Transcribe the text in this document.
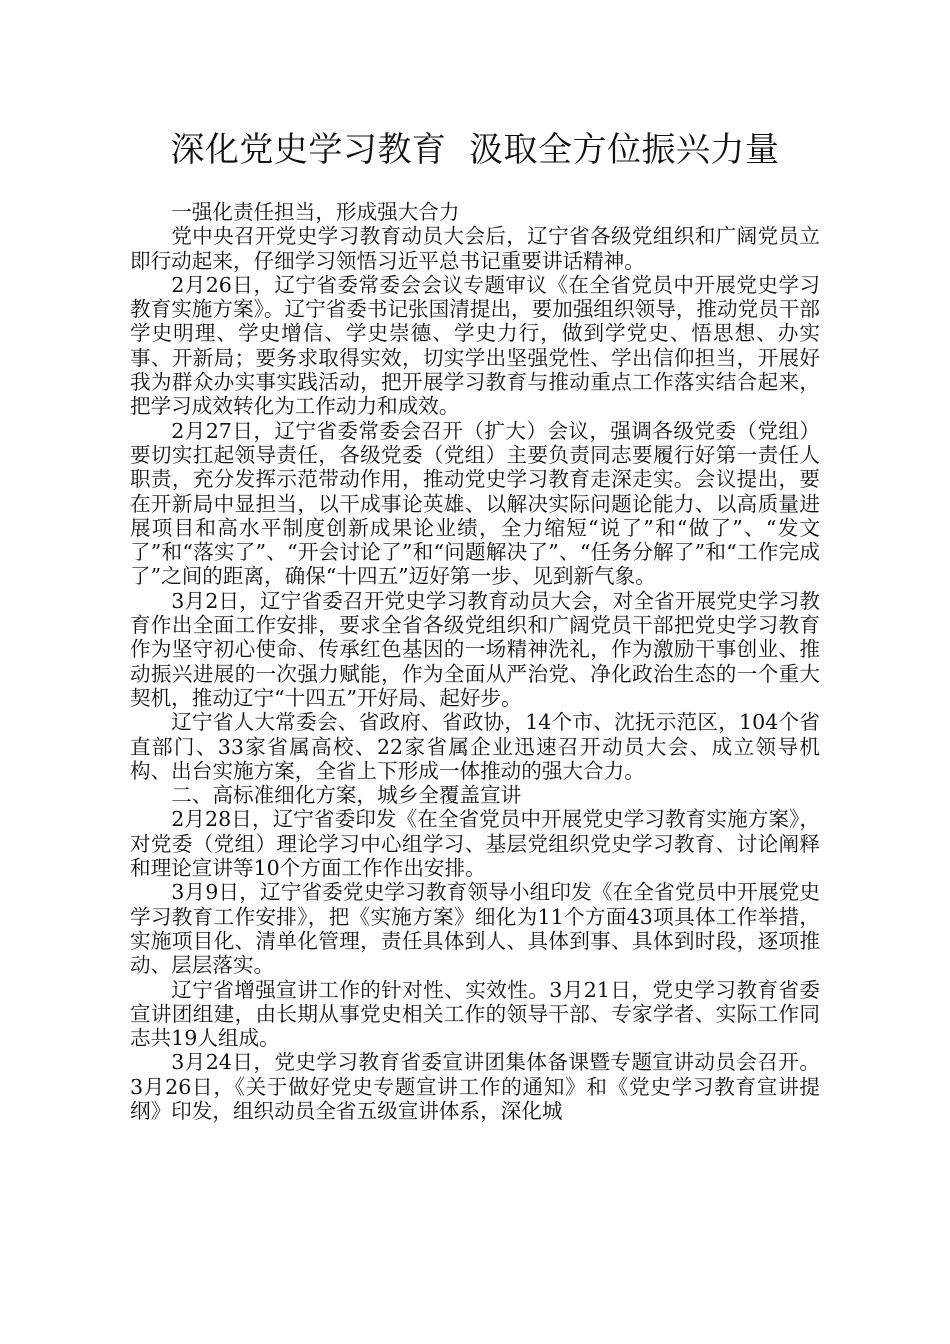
深化党史学习教育  汲取全方位振兴力量

一强化责任担当，形成强大合力

党中央召开党史学习教育动员大会后，辽宁省各级党组织和广阔党员立即行动起来，仔细学习领悟习近平总书记重要讲话精神。

2月26日，辽宁省委常委会会议专题审议《在全省党员中开展党史学习教育实施方案》。辽宁省委书记张国清提出，要加强组织领导，推动党员干部学史明理、学史增信、学史崇德、学史力行，做到学党史、悟思想、办实事、开新局；要务求取得实效，切实学出坚强党性、学出信仰担当，开展好我为群众办实事实践活动，把开展学习教育与推动重点工作落实结合起来，把学习成效转化为工作动力和成效。

2月27日，辽宁省委常委会召开（扩大）会议，强调各级党委（党组）要切实扛起领导责任，各级党委（党组）主要负责同志要履行好第一责任人职责，充分发挥示范带动作用，推动党史学习教育走深走实。会议提出，要在开新局中显担当，以干成事论英雄、以解决实际问题论能力、以高质量进展项目和高水平制度创新成果论业绩，全力缩短“说了”和“做了”、“发文了”和“落实了”、“开会讨论了”和“问题解决了”、“任务分解了”和“工作完成了”之间的距离，确保“十四五”迈好第一步、见到新气象。

3月2日，辽宁省委召开党史学习教育动员大会，对全省开展党史学习教育作出全面工作安排，要求全省各级党组织和广阔党员干部把党史学习教育作为坚守初心使命、传承红色基因的一场精神洗礼，作为激励干事创业、推动振兴进展的一次强力赋能，作为全面从严治党、净化政治生态的一个重大契机，推动辽宁“十四五”开好局、起好步。

辽宁省人大常委会、省政府、省政协，14个市、沈抚示范区，104个省直部门、33家省属高校、22家省属企业迅速召开动员大会、成立领导机构、出台实施方案，全省上下形成一体推动的强大合力。

二、高标准细化方案，城乡全覆盖宣讲

2月28日，辽宁省委印发《在全省党员中开展党史学习教育实施方案》，对党委（党组）理论学习中心组学习、基层党组织党史学习教育、讨论阐释和理论宣讲等10个方面工作作出安排。

3月9日，辽宁省委党史学习教育领导小组印发《在全省党员中开展党史学习教育工作安排》，把《实施方案》细化为11个方面43项具体工作举措，实施项目化、清单化管理，责任具体到人、具体到事、具体到时段，逐项推动、层层落实。

辽宁省增强宣讲工作的针对性、实效性。3月21日，党史学习教育省委宣讲团组建，由长期从事党史相关工作的领导干部、专家学者、实际工作同志共19人组成。

3月24日，党史学习教育省委宣讲团集体备课暨专题宣讲动员会召开。3月26日，《关于做好党史专题宣讲工作的通知》和《党史学习教育宣讲提纲》印发，组织动员全省五级宣讲体系，深化城
